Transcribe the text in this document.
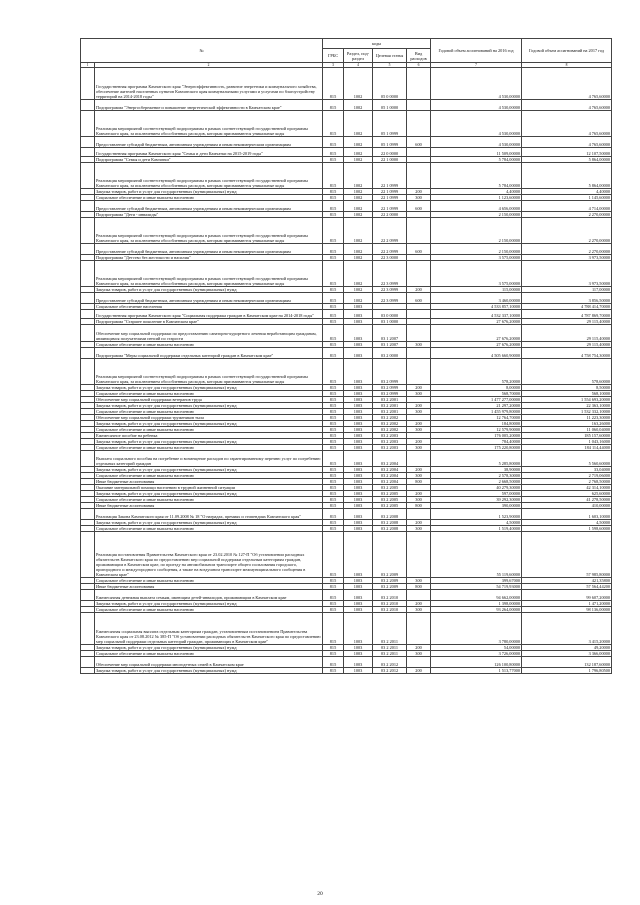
№		коды				Годовой объем ассигнований на 2016 год	Годовой объем ассигнований на 2017 год
		ГРБС	Раздел, под-раздел	Целевая статья	Вид расходов		
1	2	3	4	5	6	7	8
	Государственная программа Камчатского края "Энергоэффективность, развитие энергетики и коммунального хозяйства, обеспечение жителей населенных пунктов Камчатского края коммунальными услугами и услугами по благоустройству территорий на 2014-2018 годы"	815	1002	05 0 0000		4 530,00000	4 765,60000
	Подпрограмма "Энергосбережение и повышение энергетической эффективности в Камчатском крае"	815	1002	05 1 0000		4 530,00000	4 765,60000
	Реализация мероприятий соответствующей подпрограммы в рамках соответствующей государственной программы Камчатского края, за исключением обособленных расходов, которым присваиваются уникальные коды	815	1002	05 1 0999		4 530,00000	4 765,60000
	Предоставление субсидий бюджетным, автономным учреждениям и иным некоммерческим организациям	815	1002	05 1 0999	600	4 530,00000	4 765,60000
	Государственная программа Камчатского края "Семья и дети Камчатки на 2015-2019 годы"	815	1002	22 0 0000		11 509,00000	12 107,50000
	Подпрограмма "Семья и дети Камчатки"	815	1002	22 1 0000		5 784,00000	5 864,00000
	Реализация мероприятий соответствующей подпрограммы в рамках соответствующей государственной программы Камчатского края, за исключением обособленных расходов, которым присваиваются уникальные коды	815	1002	22 1 0999		5 784,00000	5 864,00000
	Закупка товаров, работ и услуг для государственных (муниципальных) нужд	815	1002	22 1 0999	200	4,40000	4,40000
	Социальное обеспечение и иные выплаты населению	815	1002	22 1 0999	300	1 123,60000	1 145,60000
	Предоставление субсидий бюджетным, автономным учреждениям и иным некоммерческим организациям	815	1002	22 1 0999	600	4 656,00000	4 714,00000
	Подпрограмма "Дети - инвалиды"	815	1002	22 2 0000		2 150,00000	2 270,00000
	Реализация мероприятий соответствующей подпрограммы в рамках соответствующей государственной программы Камчатского края, за исключением обособленных расходов, которым присваиваются уникальные коды	815	1002	22 2 0999		2 150,00000	2 270,00000
	Предоставление субсидий бюджетным, автономным учреждениям и иным некоммерческим организациям	815	1002	22 2 0999	600	2 150,00000	2 270,00000
	Подпрограмма "Детство без жестокости и насилия"	815	1002	22 3 0000		3 575,00000	3 973,50000
	Реализация мероприятий соответствующей подпрограммы в рамках соответствующей государственной программы Камчатского края, за исключением обособленных расходов, которым присваиваются уникальные коды	815	1002	22 3 0999		3 575,00000	3 973,50000
	Закупка товаров, работ и услуг для государственных (муниципальных) нужд	815	1002	22 3 0999	200	115,00000	117,00000
	Предоставление субсидий бюджетным, автономным учреждениям и иным некоммерческим организациям	815	1002	22 3 0999	600	3 460,00000	3 856,50000
	Социальное обеспечение населения	815	1003			4 533 857,10000	4 788 414,70000
	Государственная программа Камчатского края "Социальная поддержка граждан в Камчатском крае на 2014-2018 годы"	815	1003	03 0 0000		4 532 337,10000	4 787 869,70000
	Подпрограмма "Старшее поколение в Камчатском крае"	815	1003	03 1 0000		27 676,20000	29 115,40000
	Обеспечение мер социальной поддержки по предоставлению санаторно-курортного лечения неработающим гражданам, являющимся получателями пенсий по старости	815	1003	03 1 2007		27 676,20000	29 115,40000
	Социальное обеспечение и иные выплаты населению	815	1003	03 1 2007	300	27 676,20000	29 115,40000
	Подпрограмма "Меры социальной поддержки отдельных категорий граждан в Камчатском крае"	815	1003	03 2 0000		4 505 660,90000	4 758 754,30000
	Реализация мероприятий соответствующей подпрограммы в рамках соответствующей государственной программы Камчатского края, за исключением обособленных расходов, которым присваиваются уникальные коды	815	1003	03 2 0999		578,20000	578,60000
	Закупка товаров, работ и услуг для государственных (муниципальных) нужд	815	1003	03 2 0999	200	8,00000	8,50000
	Социальное обеспечение и иные выплаты населению	815	1003	03 2 0999	300	568,70000	568,10000
	Обеспечение мер социальной поддержки ветеранов труда	815	1003	03 2 2001		1 477 277,00000	1 554 693,20000
	Закупка товаров, работ и услуг для государственных (муниципальных) нужд	815	1003	03 2 2001	200	21 297,20000	22 363,10000
	Социальное обеспечение и иные выплаты населению	815	1003	03 2 2001	300	1 455 979,80000	1 532 332,10000
	Обеспечение мер социальной поддержки тружеников тыла	815	1003	03 2 2002		12 764,70000	11 223,30000
	Закупка товаров, работ и услуг для государственных (муниципальных) нужд	815	1003	03 2 2002	200	184,80000	163,26000
	Социальное обеспечение и иные выплаты населению	815	1003	03 2 2002	300	12 579,90000	11 060,04000
	Ежемесячное пособие на ребенка	815	1003	03 2 2003		176 005,20000	185 157,60000
	Закупка товаров, работ и услуг для государственных (муниципальных) нужд	815	1003	03 2 2003	200	784,40000	1 043,16000
	Социальное обеспечение и иные выплаты населению	815	1003	03 2 2003	300	175 220,80000	184 114,44000
	Выплата социального пособия на погребение и возмещение расходов по гарантированному перечню услуг по погребению отдельных категорий граждан	815	1003	03 2 2004		5 285,80000	5 560,60000
	Закупка товаров, работ и услуг для государственных (муниципальных) нужд	815	1003	03 2 2004	200	38,90000	33,04000
	Социальное обеспечение и иные выплаты населению	815	1003	03 2 2004	300	2 578,30000	2 719,06000
	Иные бюджетные ассигнования	815	1003	03 2 2004	800	2 668,50000	2 768,50000
	Оказание материальной помощи населению в трудной жизненной ситуации	815	1003	03 2 2005		40 279,30000	42 314,10000
	Закупка товаров, работ и услуг для государственных (муниципальных) нужд	815	1003	03 2 2005	200	597,00000	625,60000
	Социальное обеспечение и иные выплаты населению	815	1003	03 2 2005	300	39 292,30000	41 278,50000
	Иные бюджетные ассигнования	815	1003	03 2 2005	800	390,00000	410,00000
	Реализация Закона Камчатского края от 11.09.2008 № 18 "О наградах, премиях и стипендиях Камчатского края"	815	1003	03 2 2008		1 523,90000	1 603,10000
	Закупка товаров, работ и услуг для государственных (муниципальных) нужд	815	1003	03 2 2008	200	4,50000	4,50000
	Социальное обеспечение и иные выплаты населению	815	1003	03 2 2008	300	1 519,40000	1 598,60000
	Реализация постановления Правительства Камчатского края от 23.02.2010 № 127-П "Об установлении расходных обязательств Камчатского края по предоставлению мер социальной поддержки отдельным категориям граждан, проживающим в Камчатском крае, по проезду на автомобильном транспорте общего пользования городского, пригородного и междугородного сообщения, а также на воздушном транспорте межмуниципального сообщения в Камчатском крае"	815	1003	03 2 2009		55 119,60000	57 985,80000
	Социальное обеспечение и иные выплаты населению	815	1003	03 2 2009	300	399,67000	421,35800
	Иные бюджетные ассигнования	815	1003	03 2 2009	800	54 719,93000	57 564,44200
	Ежемесячная денежная выплата семьям, имеющим детей-инвалидов, проживающим в Камчатском крае	815	1003	03 2 2010		94 662,00000	99 607,20000
	Закупка товаров, работ и услуг для государственных (муниципальных) нужд	815	1003	03 2 2010	200	1 398,00000	1 471,20000
	Социальное обеспечение и иные выплаты населению	815	1003	03 2 2010	300	93 264,00000	98 136,00000
	Ежемесячная социальная выплата отдельным категориям граждан, установленным постановлением Правительства Камчатского края от 23.08.2012 № 385-П "Об установлении расходных обязательств Камчатского края по предоставлению мер социальной поддержки отдельных категорий граждан, проживающих в Камчатском крае"	815	1003	03 2 2011		3 780,00000	3 415,20000
	Закупка товаров, работ и услуг для государственных (муниципальных) нужд	815	1003	03 2 2011	200	54,00000	49,20000
	Социальное обеспечение и иные выплаты населению	815	1003	03 2 2011	300	3 726,00000	3 366,00000
	Обеспечение мер социальной поддержки многодетных семей в Камчатском крае	815	1003	03 2 2012		126 100,80000	132 187,60000
	Закупка товаров, работ и услуг для государственных (муниципальных) нужд	815	1003	03 2 2012	200	1 513,77000	1 796,80500
20
